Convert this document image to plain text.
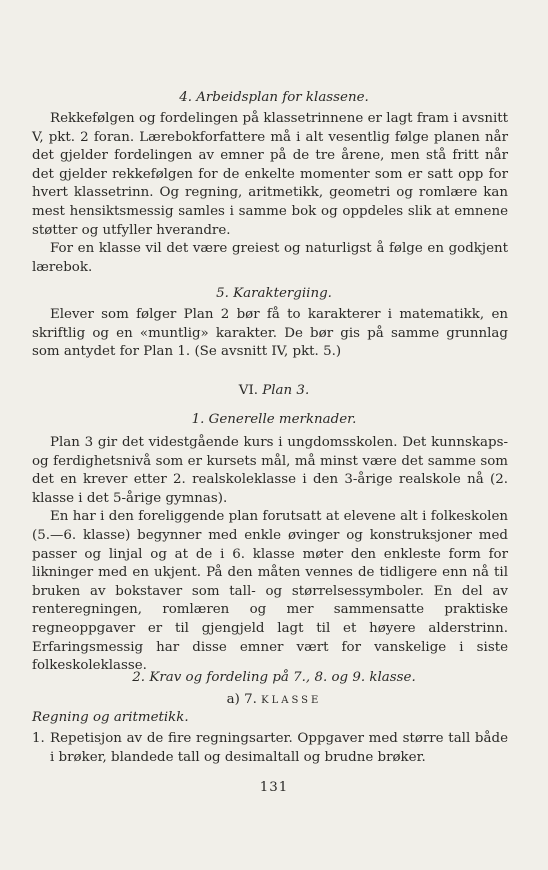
4. Arbeidsplan for klassene.

Rekkefølgen og fordelingen på klassetrinnene er lagt fram i avsnitt V, pkt. 2 foran. Lærebokforfattere må i alt vesentlig følge planen når det gjelder fordelingen av emner på de tre årene, men stå fritt når det gjelder rekkefølgen for de enkelte momenter som er satt opp for hvert klassetrinn. Og regning, aritmetikk, geometri og romlære kan mest hensiktsmessig samles i samme bok og oppdeles slik at emnene støtter og utfyller hverandre.

For en klasse vil det være greiest og naturligst å følge en godkjent lærebok.

5. Karaktergiing.

Elever som følger Plan 2 bør få to karakterer i matematikk, en skriftlig og en «muntlig» karakter. De bør gis på samme grunnlag som antydet for Plan 1. (Se avsnitt IV, pkt. 5.)

VI. Plan 3.
1. Generelle merknader.

Plan 3 gir det videstgående kurs i ungdomsskolen. Det kunnskaps- og ferdighetsnivå som er kursets mål, må minst være det samme som det en krever etter 2. realskoleklasse i den 3-årige realskole nå (2. klasse i det 5-årige gymnas).

En har i den foreliggende plan forutsatt at elevene alt i folkeskolen (5.—6. klasse) begynner med enkle øvinger og konstruksjoner med passer og linjal og at de i 6. klasse møter den enkleste form for likninger med en ukjent. På den måten vennes de tidligere enn nå til bruken av bokstaver som tall- og størrelsessymboler. En del av renteregningen, romlæren og mer sammensatte praktiske regneoppgaver er til gjengjeld lagt til et høyere alderstrinn. Erfaringsmessig har disse emner vært for vanskelige i siste folkeskoleklasse.

2. Krav og fordeling på 7., 8. og 9. klasse.
a) 7. KLASSE
Regning og aritmetikk.
1. Repetisjon av de fire regningsarter. Oppgaver med større tall både i brøker, blandede tall og desimaltall og brudne brøker.
131
